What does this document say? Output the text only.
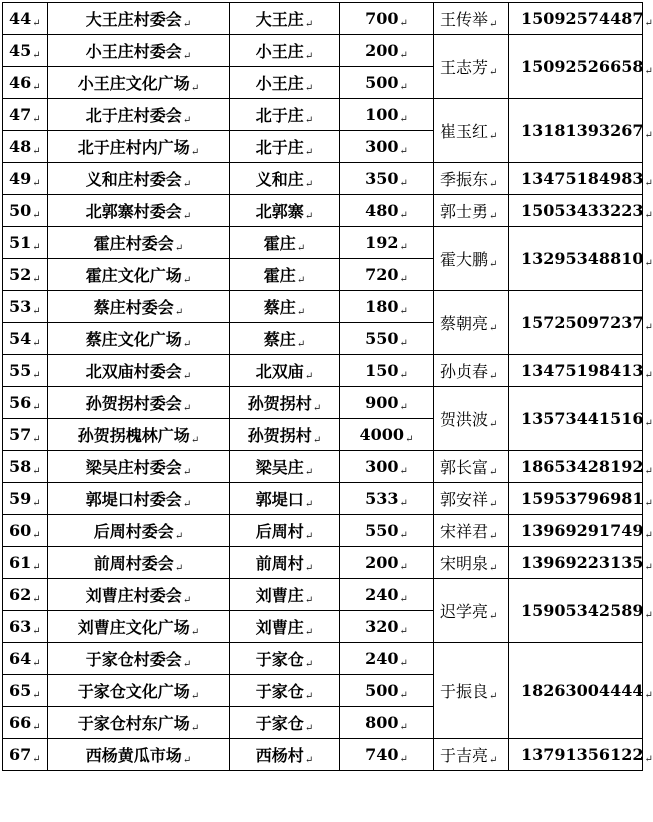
44↵	大王庄村委会↵	大王庄↵	700↵	王传举↵	15092574487↵
45↵	小王庄村委会↵	小王庄↵	200↵	王志芳↵	15092526658↵
46↵	小王庄文化广场↵	小王庄↵	500↵		
47↵	北于庄村委会↵	北于庄↵	100↵	崔玉红↵	13181393267↵
48↵	北于庄村内广场↵	北于庄↵	300↵		
49↵	义和庄村委会↵	义和庄↵	350↵	季振东↵	13475184983↵
50↵	北郭寨村委会↵	北郭寨↵	480↵	郭士勇↵	15053433223↵
51↵	霍庄村委会↵	霍庄↵	192↵	霍大鹏↵	13295348810↵
52↵	霍庄文化广场↵	霍庄↵	720↵		
53↵	蔡庄村委会↵	蔡庄↵	180↵	蔡朝亮↵	15725097237↵
54↵	蔡庄文化广场↵	蔡庄↵	550↵		
55↵	北双庙村委会↵	北双庙↵	150↵	孙贞春↵	13475198413↵
56↵	孙贺拐村委会↵	孙贺拐村↵	900↵	贺洪波↵	13573441516↵
57↵	孙贺拐槐林广场↵	孙贺拐村↵	4000↵		
58↵	梁吴庄村委会↵	梁吴庄↵	300↵	郭长富↵	18653428192↵
59↵	郭堤口村委会↵	郭堤口↵	533↵	郭安祥↵	15953796981↵
60↵	后周村委会↵	后周村↵	550↵	宋祥君↵	13969291749↵
61↵	前周村委会↵	前周村↵	200↵	宋明泉↵	13969223135↵
62↵	刘曹庄村委会↵	刘曹庄↵	240↵	迟学亮↵	15905342589↵
63↵	刘曹庄文化广场↵	刘曹庄↵	320↵		
64↵	于家仓村委会↵	于家仓↵	240↵	于振良↵	18263004444↵
65↵	于家仓文化广场↵	于家仓↵	500↵		
66↵	于家仓村东广场↵	于家仓↵	800↵		
67↵	西杨黄瓜市场↵	西杨村↵	740↵	于吉亮↵	13791356122↵
